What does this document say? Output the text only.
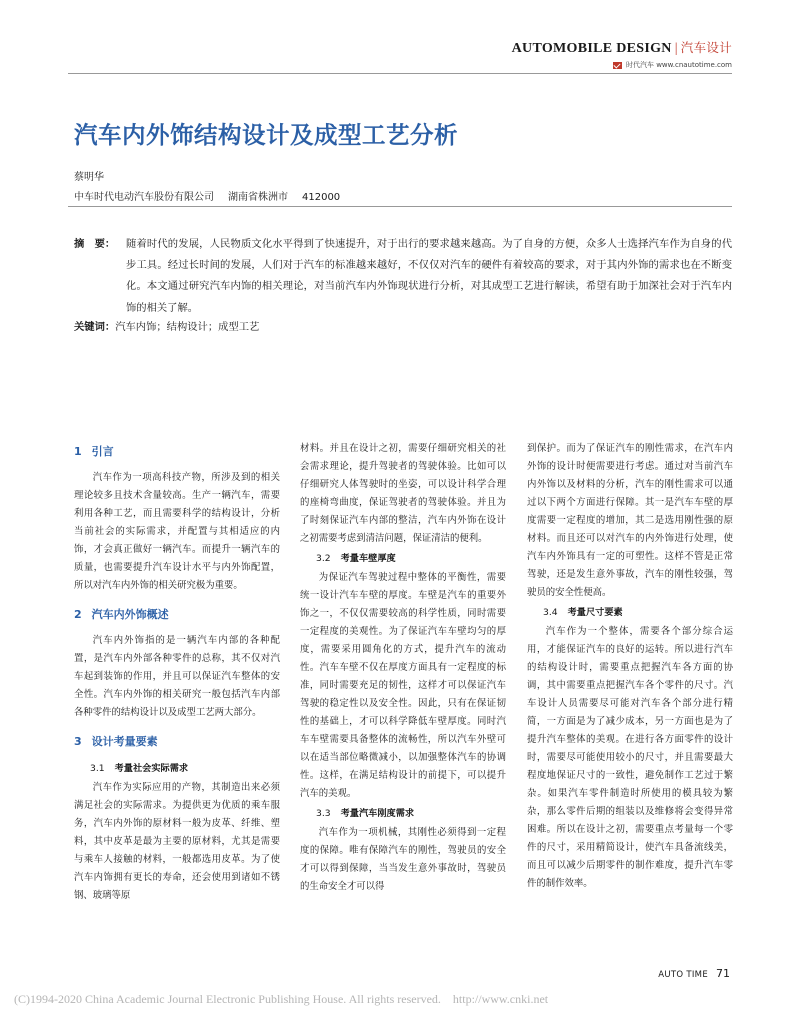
AUTOMOBILE DESIGN | 汽车设计
时代汽车 www.cnautotime.com
汽车内外饰结构设计及成型工艺分析
蔡明华
中车时代电动汽车股份有限公司 湖南省株洲市 412000
摘　要： 随着时代的发展，人民物质文化水平得到了快速提升，对于出行的要求越来越高。为了自身的方便，众多人士选择汽车作为自身的代步工具。经过长时间的发展，人们对于汽车的标准越来越好，不仅仅对汽车的硬件有着较高的要求，对于其内外饰的需求也在不断变化。本文通过研究汽车内饰的相关理论，对当前汽车内外饰现状进行分析，对其成型工艺进行解读，希望有助于加深社会对于汽车内饰的相关了解。
关键词：汽车内饰；结构设计；成型工艺
1 引言

汽车作为一项高科技产物，所涉及到的相关理论较多且技术含量较高。生产一辆汽车，需要利用各种工艺，而且需要科学的结构设计，分析当前社会的实际需求，并配置与其相适应的内饰，才会真正做好一辆汽车。而提升一辆汽车的质量，也需要提升汽车设计水平与内外饰配置，所以对汽车内外饰的相关研究极为重要。

2 汽车内外饰概述

汽车内外饰指的是一辆汽车内部的各种配置，是汽车内外部各种零件的总称，其不仅对汽车起到装饰的作用，并且可以保证汽车整体的安全性。汽车内外饰的相关研究一般包括汽车内部各种零件的结构设计以及成型工艺两大部分。

3 设计考量要素
3.1 考量社会实际需求

汽车作为实际应用的产物，其制造出来必须满足社会的实际需求。为提供更为优质的乘车服务，汽车内外饰的原材料一般为皮革、纤维、塑料，其中皮革是最为主要的原材料，尤其是需要与乘车人接触的材料，一般都选用皮革。为了使汽车内饰拥有更长的寿命，还会使用到诸如不锈钢、玻璃等原

材料。并且在设计之初，需要仔细研究相关的社会需求理论，提升驾驶者的驾驶体验。比如可以仔细研究人体驾驶时的坐姿，可以设计科学合理的座椅弯曲度，保证驾驶者的驾驶体验。并且为了时刻保证汽车内部的整洁，汽车内外饰在设计之初需要考虑到清洁问题，保证清洁的便利。

3.2 考量车壁厚度

为保证汽车驾驶过程中整体的平衡性，需要统一设计汽车车壁的厚度。车壁是汽车的重要外饰之一，不仅仅需要较高的科学性质，同时需要一定程度的美观性。为了保证汽车车壁均匀的厚度，需要采用圆角化的方式，提升汽车的流动性。汽车车壁不仅在厚度方面具有一定程度的标准，同时需要充足的韧性，这样才可以保证汽车驾驶的稳定性以及安全性。因此，只有在保证韧性的基础上，才可以科学降低车壁厚度。同时汽车车壁需要具备整体的流畅性，所以汽车外壁可以在适当部位略微减小，以加强整体汽车的协调性。这样，在满足结构设计的前提下，可以提升汽车的美观。

3.3 考量汽车刚度需求

汽车作为一项机械，其刚性必须得到一定程度的保障。唯有保障汽车的刚性，驾驶员的安全才可以得到保障，当当发生意外事故时，驾驶员的生命安全才可以得

到保护。而为了保证汽车的刚性需求，在汽车内外饰的设计时便需要进行考虑。通过对当前汽车内外饰以及材料的分析，汽车的刚性需求可以通过以下两个方面进行保障。其一是汽车车壁的厚度需要一定程度的增加，其二是选用刚性强的原材料。而且还可以对汽车的内外饰进行处理，使汽车内外饰具有一定的可塑性。这样不管是正常驾驶，还是发生意外事故，汽车的刚性较强，驾驶员的安全性便高。

3.4 考量尺寸要素

汽车作为一个整体，需要各个部分综合运用，才能保证汽车的良好的运转。所以进行汽车的结构设计时，需要重点把握汽车各方面的协调，其中需要重点把握汽车各个零件的尺寸。汽车设计人员需要尽可能对汽车各个部分进行精简，一方面是为了减少成本，另一方面也是为了提升汽车整体的美观。在进行各方面零件的设计时，需要尽可能使用较小的尺寸，并且需要最大程度地保证尺寸的一致性，避免制作工艺过于繁杂。如果汽车零件制造时所使用的模具较为繁杂，那么零件后期的组装以及维修将会变得异常困难。所以在设计之初，需要重点考量每一个零件的尺寸，采用精简设计，使汽车具备流线美，而且可以减少后期零件的制作难度，提升汽车零件的制作效率。

AUTO TIME 71
(C)1994-2020 China Academic Journal Electronic Publishing House. All rights reserved.　http://www.cnki.net
